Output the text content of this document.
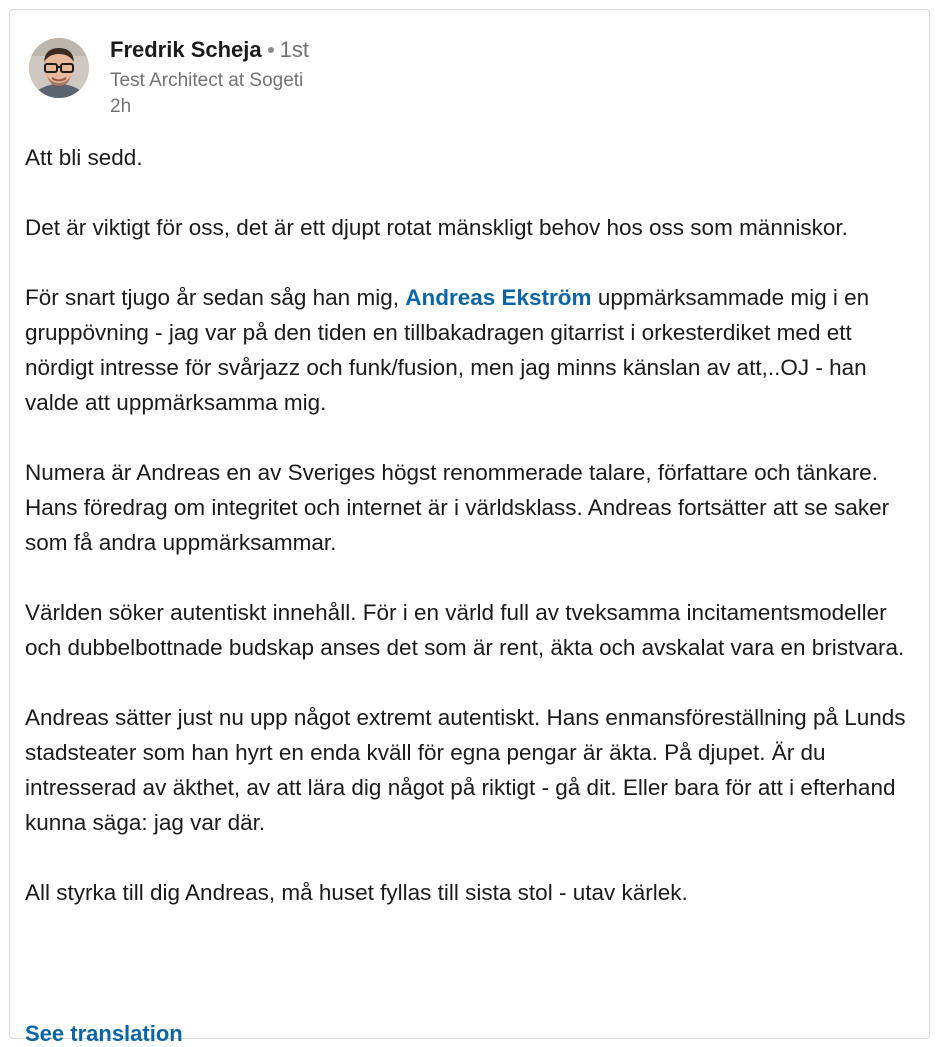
Fredrik Scheja 1st
Test Architect at Sogeti
2h

Att bli sedd.

Det är viktigt för oss, det är ett djupt rotat mänskligt behov hos oss som människor.

För snart tjugo år sedan såg han mig, Andreas Ekström uppmärksammade mig i en gruppövning - jag var på den tiden en tillbakadragen gitarrist i orkesterdiket med ett nördigt intresse för svårjazz och funk/fusion, men jag minns känslan av att,..OJ - han valde att uppmärksamma mig.

Numera är Andreas en av Sveriges högst renommerade talare, författare och tänkare. Hans föredrag om integritet och internet är i världsklass. Andreas fortsätter att se saker som få andra uppmärksammar.

Världen söker autentiskt innehåll. För i en värld full av tveksamma incitamentsmodeller och dubbelbottnade budskap anses det som är rent, äkta och avskalat vara en bristvara.

Andreas sätter just nu upp något extremt autentiskt. Hans enmansföreställning på Lunds stadsteater som han hyrt en enda kväll för egna pengar är äkta. På djupet. Är du intresserad av äkthet, av att lära dig något på riktigt - gå dit. Eller bara för att i efterhand kunna säga: jag var där.

All styrka till dig Andreas, må huset fyllas till sista stol - utav kärlek.

See translation
